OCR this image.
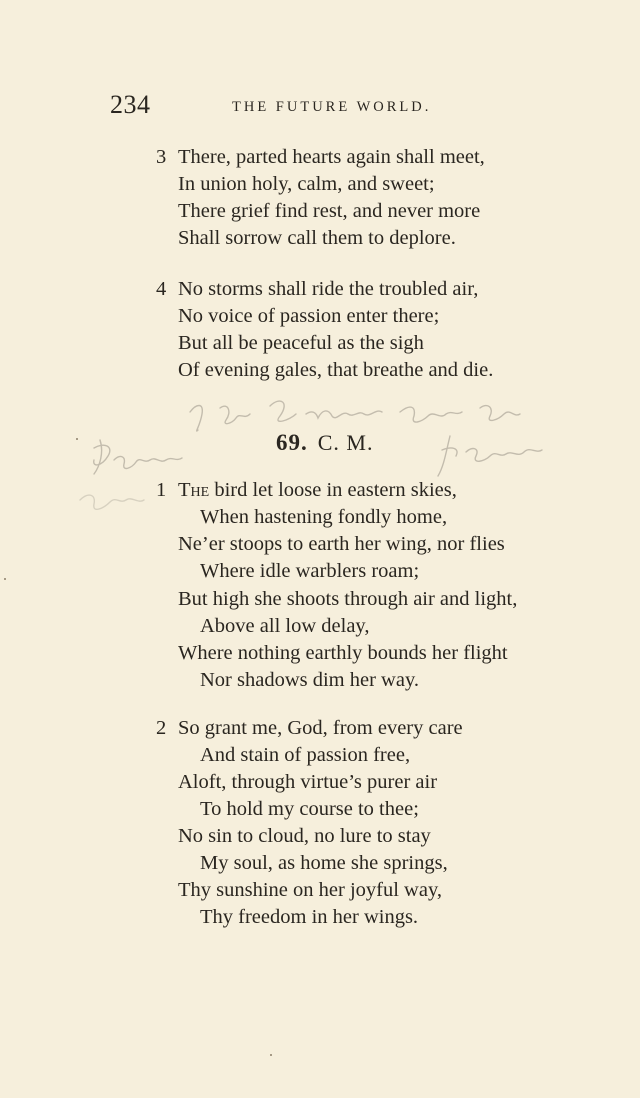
234	THE FUTURE WORLD.
3 There, parted hearts again shall meet,
In union holy, calm, and sweet;
There grief find rest, and never more
Shall sorrow call them to deplore.
4 No storms shall ride the troubled air,
No voice of passion enter there;
But all be peaceful as the sigh
Of evening gales, that breathe and die.
69. C. M.
1 The bird let loose in eastern skies,
When hastening fondly home,
Ne’er stoops to earth her wing, nor flies
Where idle warblers roam;
But high she shoots through air and light,
Above all low delay,
Where nothing earthly bounds her flight
Nor shadows dim her way.
2 So grant me, God, from every care
And stain of passion free,
Aloft, through virtue’s purer air
To hold my course to thee;
No sin to cloud, no lure to stay
My soul, as home she springs,
Thy sunshine on her joyful way,
Thy freedom in her wings.
